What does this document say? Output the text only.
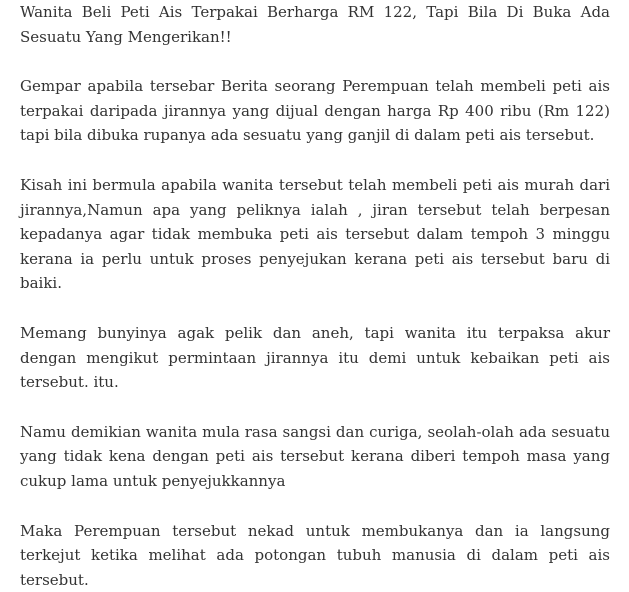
Wanita Beli Peti Ais Terpakai Berharga RM 122, Tapi Bila Di Buka Ada Sesuatu Yang Mengerikan!!

Gempar apabila tersebar Berita seorang Perempuan telah membeli peti ais terpakai daripada jirannya yang dijual dengan harga Rp 400 ribu (Rm 122) tapi bila dibuka rupanya ada sesuatu yang ganjil di dalam peti ais tersebut.

Kisah ini bermula apabila wanita tersebut telah membeli peti ais murah dari jirannya,Namun apa yang peliknya ialah , jiran tersebut telah berpesan kepadanya agar tidak membuka peti ais tersebut dalam tempoh 3 minggu kerana ia perlu untuk proses penyejukan kerana peti ais tersebut baru di baiki.

Memang bunyinya agak pelik dan aneh, tapi wanita itu terpaksa akur dengan mengikut permintaan jirannya itu demi untuk kebaikan peti ais tersebut. itu.

Namu demikian wanita mula rasa sangsi dan curiga, seolah-olah ada sesuatu yang tidak kena dengan peti ais tersebut kerana diberi tempoh masa yang cukup lama untuk penyejukkannya

Maka Perempuan tersebut nekad untuk membukanya dan ia langsung terkejut ketika melihat ada potongan tubuh manusia di dalam peti ais tersebut.
